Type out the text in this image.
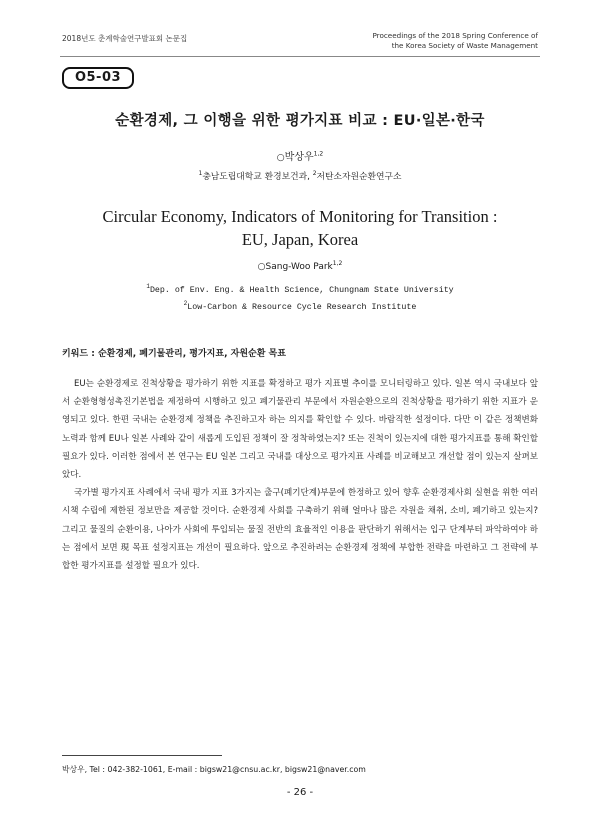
2018년도 춘계학술연구발표회 논문집	Proceedings of the 2018 Spring Conference of
the Korea Society of Waste Management
O5-03
순환경제, 그 이행을 위한 평가지표 비교 : EU·일본·한국
○박상우$^{1,2}$
$^1$충남도립대학교 환경보건과, $^2$저탄소자원순환연구소
Circular Economy, Indicators of Monitoring for Transition :
EU, Japan, Korea
○Sang-Woo Park$^{1,2}$
$^1$Dep. of Env. Eng. & Health Science, Chungnam State University
$^2$Low-Carbon & Resource Cycle Research Institute
키워드 : 순환경제, 폐기물관리, 평가지표, 자원순환 목표

EU는 순환경제로 진척상황을 평가하기 위한 지표를 확정하고 평가 지표별 추이를 모니터링하고 있다. 일본 역시 국내보다 앞서 순환형형성촉진기본법을 제정하여 시행하고 있고 폐기물관리 부문에서 자원순환으로의 진척상황을 평가하기 위한 지표가 운영되고 있다. 한편 국내는 순환경제 정책을 추진하고자 하는 의지를 확인할 수 있다. 바람직한 설정이다. 다만 이 같은 정책변화 노력과 함께 EU나 일본 사례와 같이 새롭게 도입된 정책이 잘 정착하였는지? 또는 진척이 있는지에 대한 평가지표를 통해 확인할 필요가 있다. 이러한 점에서 본 연구는 EU 일본 그리고 국내를 대상으로 평가지표 사례를 비교해보고 개선할 점이 있는지 살펴보았다.

국가별 평가지표 사례에서 국내 평가 지표 3가지는 출구(폐기단계)부문에 한정하고 있어 향후 순환경제사회 실현을 위한 여러 시책 수립에 제한된 정보만을 제공할 것이다. 순환경제 사회를 구축하기 위해 얼마나 많은 자원을 채취, 소비, 폐기하고 있는지? 그리고 물질의 순환이용, 나아가 사회에 투입되는 물질 전반의 효율적인 이용을 판단하기 위해서는 입구 단계부터 파악하여야 하는 점에서 보면 現 목표 설정지표는 개선이 필요하다. 앞으로 추진하려는 순환경제 정책에 부합한 전략을 마련하고 그 전략에 부합한 평가지표를 설정할 필요가 있다.

박상우, Tel : 042-382-1061, E-mail : bigsw21@cnsu.ac.kr, bigsw21@naver.com
- 26 -
